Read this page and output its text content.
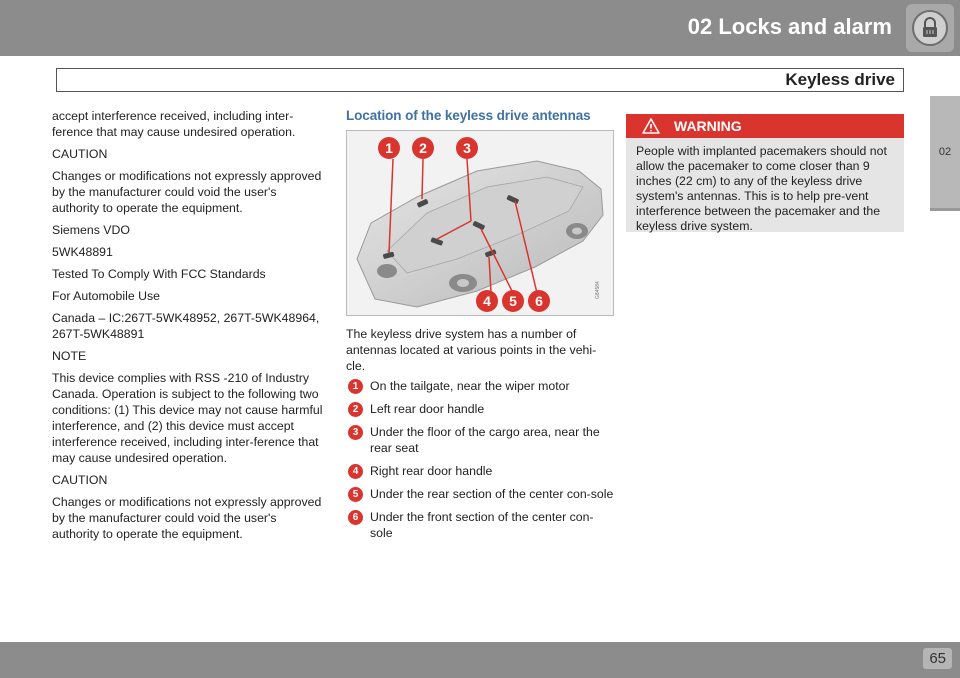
02 Locks and alarm
Keyless drive
02

accept interference received, including inter-ference that may cause undesired operation.

CAUTION

Changes or modifications not expressly approved by the manufacturer could void the user's authority to operate the equipment.

Siemens VDO

5WK48891

Tested To Comply With FCC Standards

For Automobile Use

Canada – IC:267T-5WK48952, 267T-5WK48964, 267T-5WK48891

NOTE

This device complies with RSS -210 of Industry Canada. Operation is subject to the following two conditions: (1) This device may not cause harmful interference, and (2) this device must accept interference received, including inter-ference that may cause undesired operation.

CAUTION

Changes or modifications not expressly approved by the manufacturer could void the user's authority to operate the equipment.

Location of the keyless drive antennas
1 2	3
4 5 6
G84584

The keyless drive system has a number of antennas located at various points in the vehi-cle.

1 On the tailgate, near the wiper motor
2 Left rear door handle
3 Under the floor of the cargo area, near the rear seat
4 Right rear door handle
5 Under the rear section of the center con-sole
6 Under the front section of the center con-sole
WARNING
People with implanted pacemakers should not allow the pacemaker to come closer than 9 inches (22 cm) to any of the keyless drive system's antennas. This is to help pre-vent interference between the pacemaker and the keyless drive system.
65
